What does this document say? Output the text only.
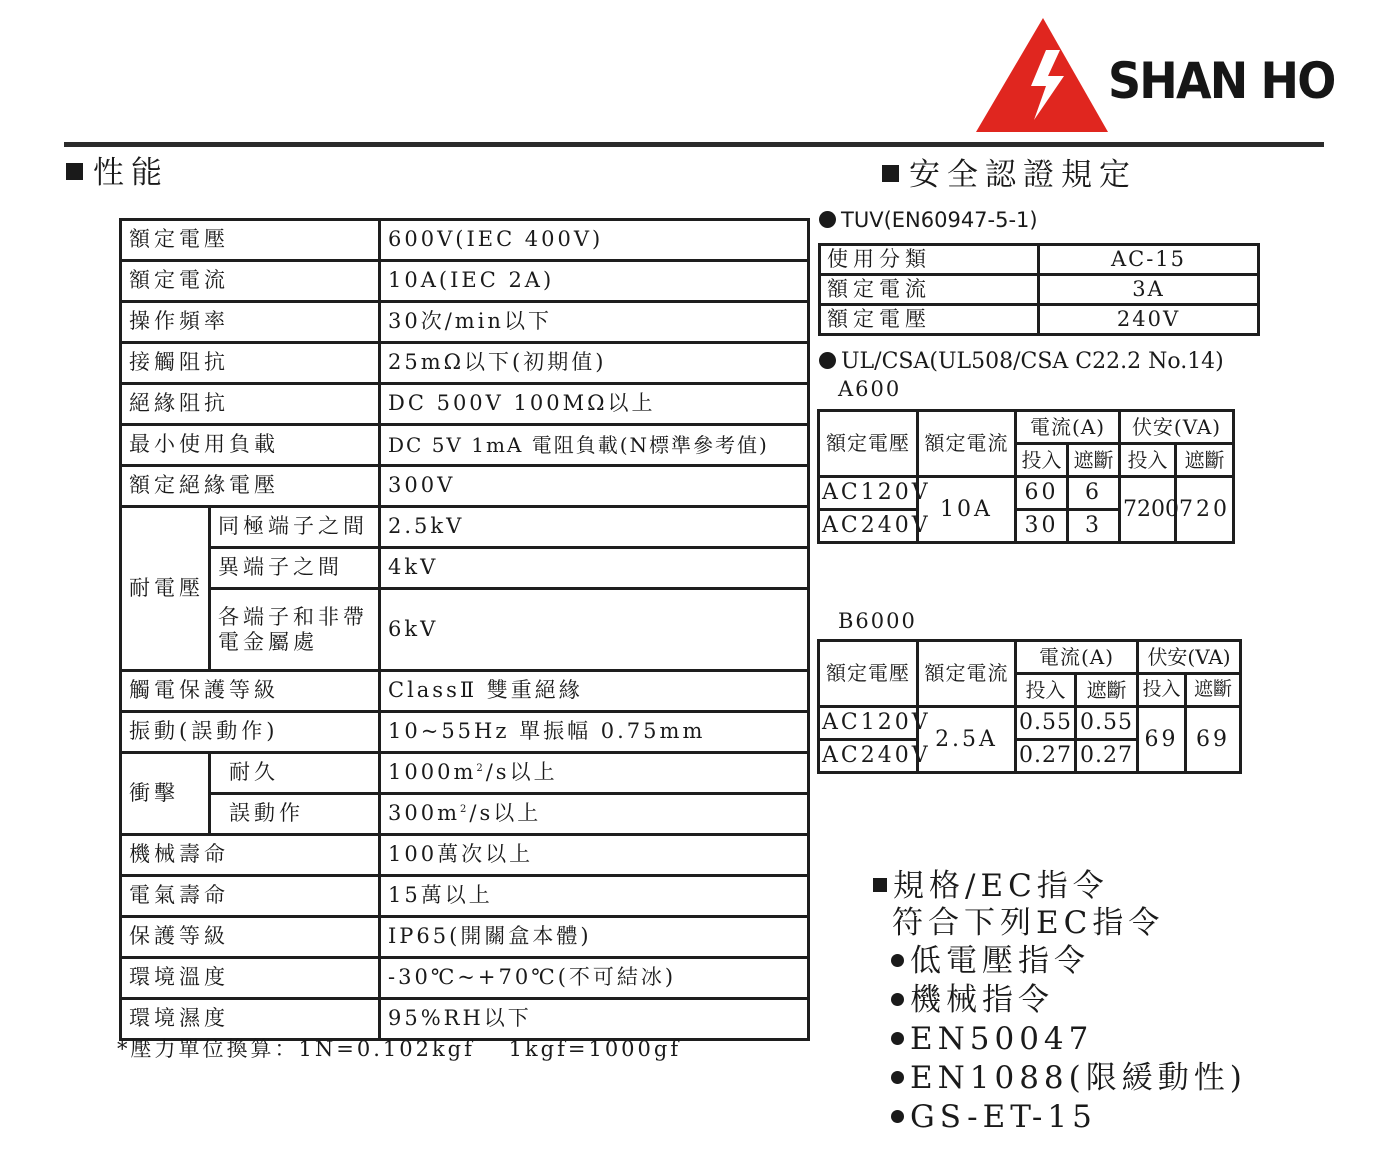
SHAN HO
性能
額定電壓		600V(IEC 400V)
額定電流		10A(IEC 2A)
操作頻率		30次/min以下
接觸阻抗		25mΩ以下(初期值)
絕緣阻抗		DC 500V 100MΩ以上
最小使用負載		DC 5V 1mA 電阻負載(N標準參考值)
額定絕緣電壓		300V
耐電壓	同極端子之間	2.5kV
	異端子之間	4kV
	各端子和非帶電金屬處	6kV
觸電保護等級		ClassⅡ 雙重絕緣
振動(誤動作)		10~55Hz 單振幅 0.75mm
衝擊	耐久	$1000m^2/s$以上
	誤動作	$300m^2/s$以上
機械壽命		100萬次以上
電氣壽命		15萬以上
保護等級		IP65(開關盒本體)
環境溫度		-30℃~+70℃(不可結冰)
環境濕度		95%RH以下
*壓力單位換算：1N=0.102kgf　 1kgf=1000gf
安全認證規定
TUV(EN60947-5-1)
使用分類	AC-15
額定電流	3A
額定電壓	240V
UL/CSA(UL508/CSA C22.2 No.14)
A600
額定電壓	額定電流	電流(A)		伏安(VA)	
		投入	遮斷	投入	遮斷
AC120V	10A	60	6	7200	720
AC240V		30	3		
B6000
額定電壓	額定電流	電流(A)		伏安(VA)	
		投入	遮斷	投入	遮斷
AC120V	2.5A	0.55	0.55	69	69
AC240V		0.27	0.27		
規格/EC指令
符合下列EC指令
低電壓指令
機械指令
EN50047
EN1088(限緩動性)
GS-ET-15
